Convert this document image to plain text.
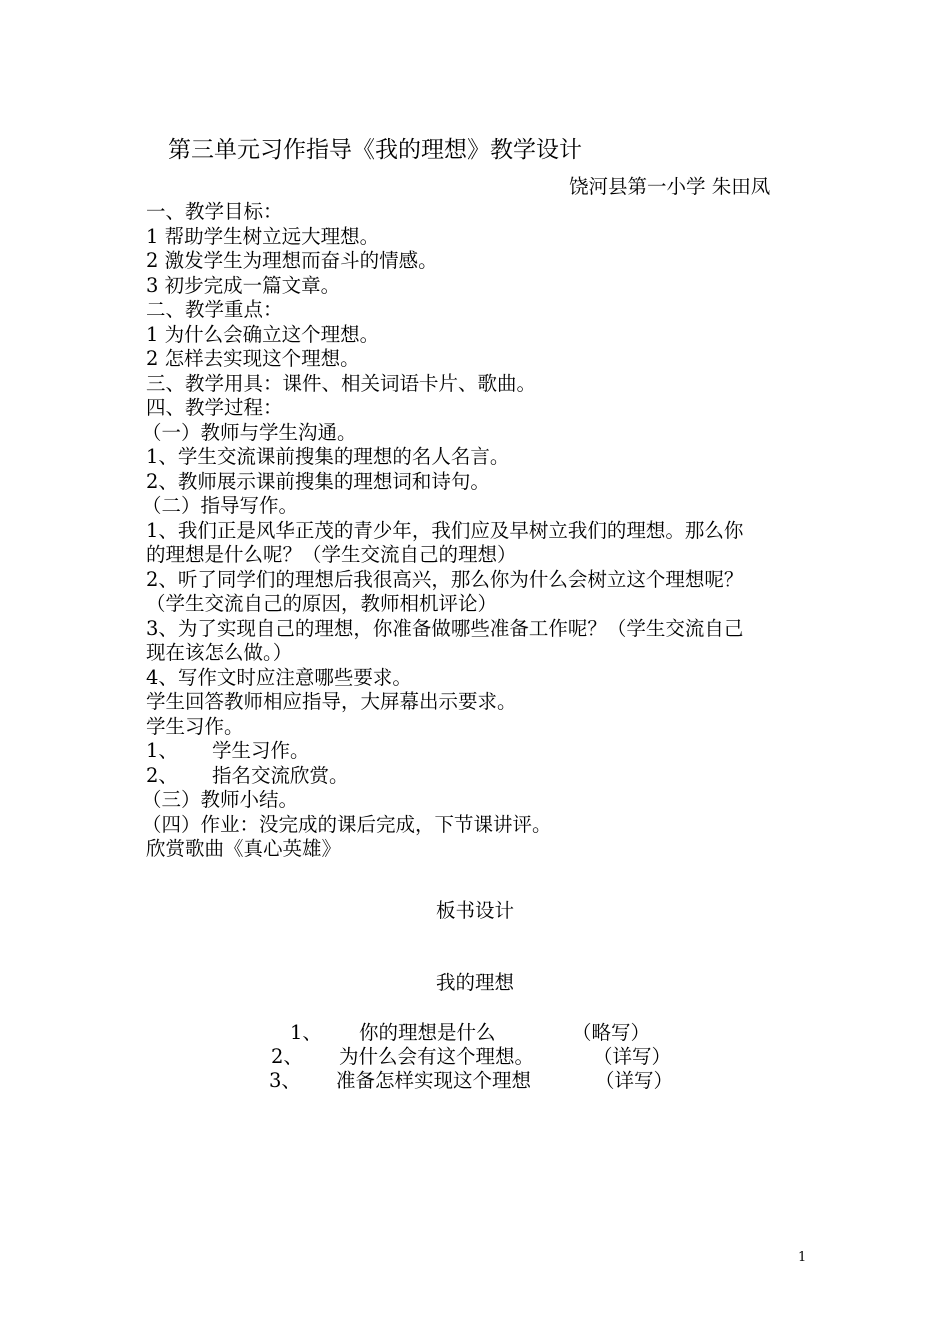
第三单元习作指导《我的理想》教学设计
饶河县第一小学 朱田凤
一、教学目标：
1 帮助学生树立远大理想。
2 激发学生为理想而奋斗的情感。
3 初步完成一篇文章。
二、教学重点：
1 为什么会确立这个理想。
2 怎样去实现这个理想。
三、教学用具：课件、相关词语卡片、歌曲。
四、教学过程：
（一）教师与学生沟通。
1、学生交流课前搜集的理想的名人名言。
2、教师展示课前搜集的理想词和诗句。
（二）指导写作。
1、我们正是风华正茂的青少年，我们应及早树立我们的理想。那么你
的理想是什么呢？（学生交流自己的理想）
2、听了同学们的理想后我很高兴，那么你为什么会树立这个理想呢？
（学生交流自己的原因，教师相机评论）
3、为了实现自己的理想，你准备做哪些准备工作呢？（学生交流自己
现在该怎么做。）
4、写作文时应注意哪些要求。
学生回答教师相应指导，大屏幕出示要求。
学生习作。
1、	学生习作。
2、	指名交流欣赏。
（三）教师小结。
（四）作业：没完成的课后完成，下节课讲评。
欣赏歌曲《真心英雄》
板书设计
我的理想
1、 你的理想是什么	（略写）
2、 为什么会有这个理想。	（详写）
3、 准备怎样实现这个理想	（详写）
1
